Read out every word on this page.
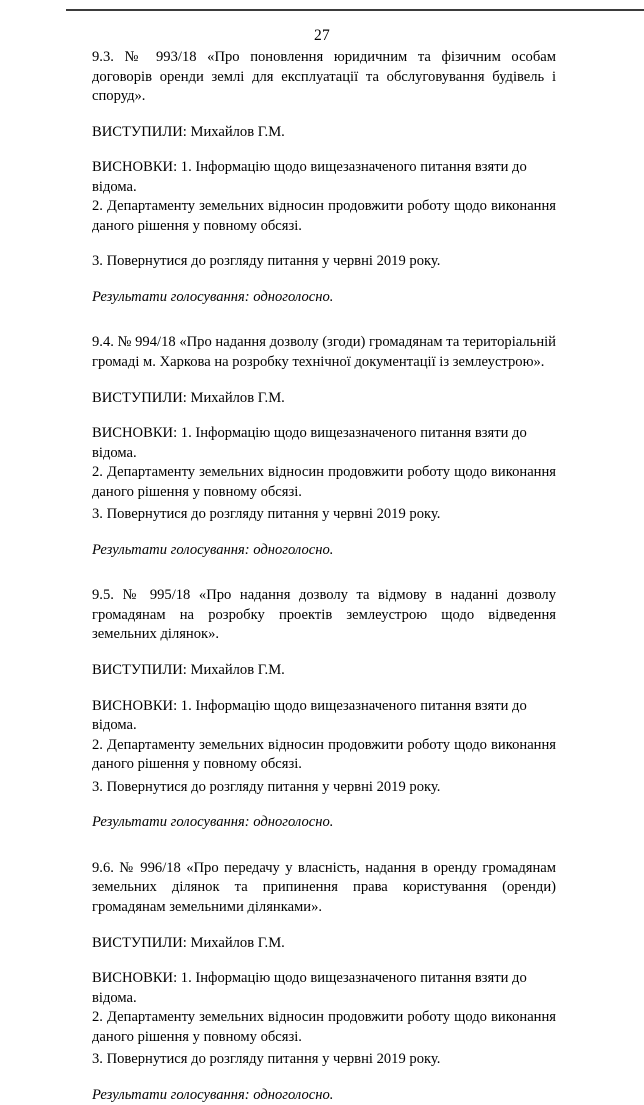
27

9.3. № 993/18 «Про поновлення юридичним та фізичним особам договорів оренди землі для експлуатації та обслуговування будівель і споруд».

ВИСТУПИЛИ: Михайлов Г.М.

ВИСНОВКИ: 1. Інформацію щодо вищезазначеного питання взяти до відома.

2. Департаменту земельних відносин продовжити роботу щодо виконання даного рішення у повному обсязі.

3. Повернутися до розгляду питання у червні 2019 року.

Результати голосування: одноголосно.

9.4. № 994/18 «Про надання дозволу (згоди) громадянам та територіальній громаді м. Харкова на розробку технічної документації із землеустрою».

ВИСТУПИЛИ: Михайлов Г.М.

ВИСНОВКИ: 1. Інформацію щодо вищезазначеного питання взяти до відома.

2. Департаменту земельних відносин продовжити роботу щодо виконання даного рішення у повному обсязі.

3. Повернутися до розгляду питання у червні 2019 року.

Результати голосування: одноголосно.

9.5. № 995/18 «Про надання дозволу та відмову в наданні дозволу громадянам на розробку проектів землеустрою щодо відведення земельних ділянок».

ВИСТУПИЛИ: Михайлов Г.М.

ВИСНОВКИ: 1. Інформацію щодо вищезазначеного питання взяти до відома.

2. Департаменту земельних відносин продовжити роботу щодо виконання даного рішення у повному обсязі.

3. Повернутися до розгляду питання у червні 2019 року.

Результати голосування: одноголосно.

9.6. № 996/18 «Про передачу у власність, надання в оренду громадянам земельних ділянок та припинення права користування (оренди) громадянам земельними ділянками».

ВИСТУПИЛИ: Михайлов Г.М.

ВИСНОВКИ: 1. Інформацію щодо вищезазначеного питання взяти до відома.

2. Департаменту земельних відносин продовжити роботу щодо виконання даного рішення у повному обсязі.

3. Повернутися до розгляду питання у червні 2019 року.

Результати голосування: одноголосно.
